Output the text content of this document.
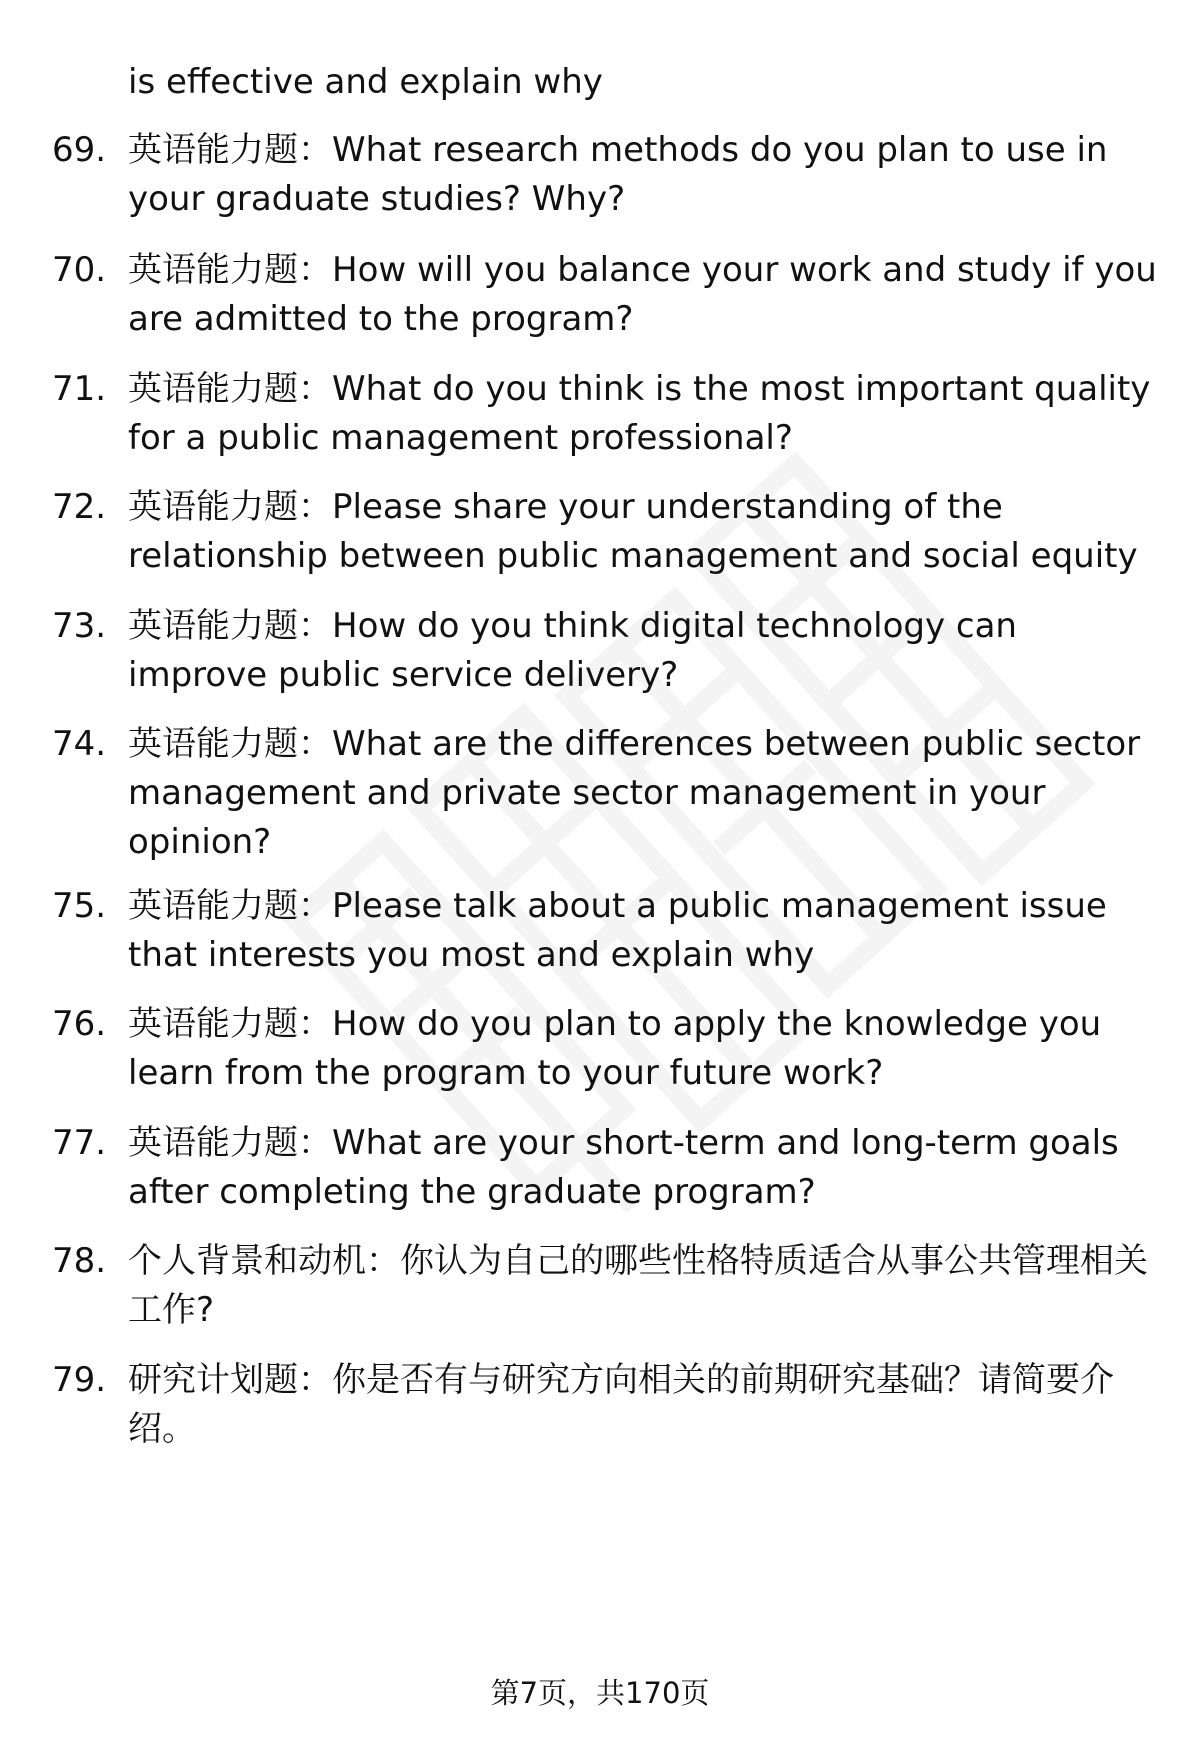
is effective and explain why
69. 英语能力题：What research methods do you plan to use in your graduate studies? Why?
70. 英语能力题：How will you balance your work and study if you are admitted to the program?
71. 英语能力题：What do you think is the most important quality for a public management professional?
72. 英语能力题：Please share your understanding of the relationship between public management and social equity
73. 英语能力题：How do you think digital technology can improve public service delivery?
74. 英语能力题：What are the differences between public sector management and private sector management in your opinion?
75. 英语能力题：Please talk about a public management issue that interests you most and explain why
76. 英语能力题：How do you plan to apply the knowledge you learn from the program to your future work?
77. 英语能力题：What are your short-term and long-term goals after completing the graduate program?
78. 个人背景和动机：你认为自己的哪些性格特质适合从事公共管理相关工作?
79. 研究计划题：你是否有与研究方向相关的前期研究基础？请简要介绍。
第7页，共170页
